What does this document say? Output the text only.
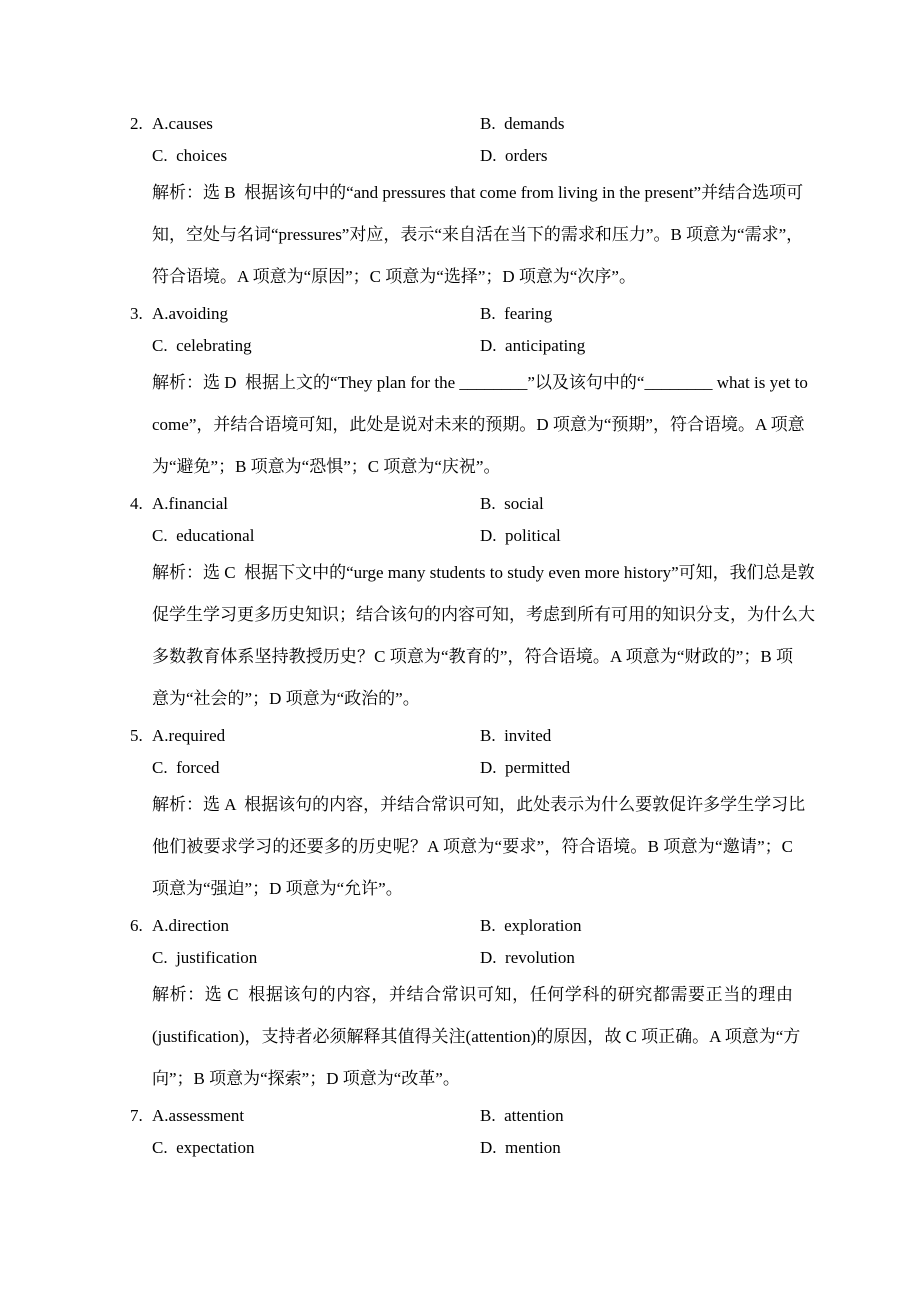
2. A.causes	B.  demands
C.  choices	D.  orders
解析：选 B  根据该句中的“and pressures that come from living in the present”并结合选项可
知，空处与名词“pressures”对应，表示“来自活在当下的需求和压力”。B 项意为“需求”，
符合语境。A 项意为“原因”；C 项意为“选择”；D 项意为“次序”。
3. A.avoiding	B.  fearing
C.  celebrating	D.  anticipating
解析：选 D  根据上文的“They plan for the ________”以及该句中的“________ what is yet to
come”，并结合语境可知，此处是说对未来的预期。D 项意为“预期”，符合语境。A 项意
为“避免”；B 项意为“恐惧”；C 项意为“庆祝”。
4. A.financial	B.  social
C.  educational	D.  political
解析：选 C  根据下文中的“urge many students to study even more history”可知，我们总是敦
促学生学习更多历史知识；结合该句的内容可知，考虑到所有可用的知识分支，为什么大
多数教育体系坚持教授历史？C 项意为“教育的”，符合语境。A 项意为“财政的”；B 项
意为“社会的”；D 项意为“政治的”。
5. A.required	B.  invited
C.  forced	D.  permitted
解析：选 A  根据该句的内容，并结合常识可知，此处表示为什么要敦促许多学生学习比
他们被要求学习的还要多的历史呢？A 项意为“要求”，符合语境。B 项意为“邀请”；C
项意为“强迫”；D 项意为“允许”。
6. A.direction	B.  exploration
C.  justification	D.  revolution
解析：选 C  根据该句的内容，并结合常识可知，任何学科的研究都需要正当的理由
(justification)，支持者必须解释其值得关注(attention)的原因，故 C 项正确。A 项意为“方
向”；B 项意为“探索”；D 项意为“改革”。
7. A.assessment	B.  attention
C.  expectation	D.  mention
